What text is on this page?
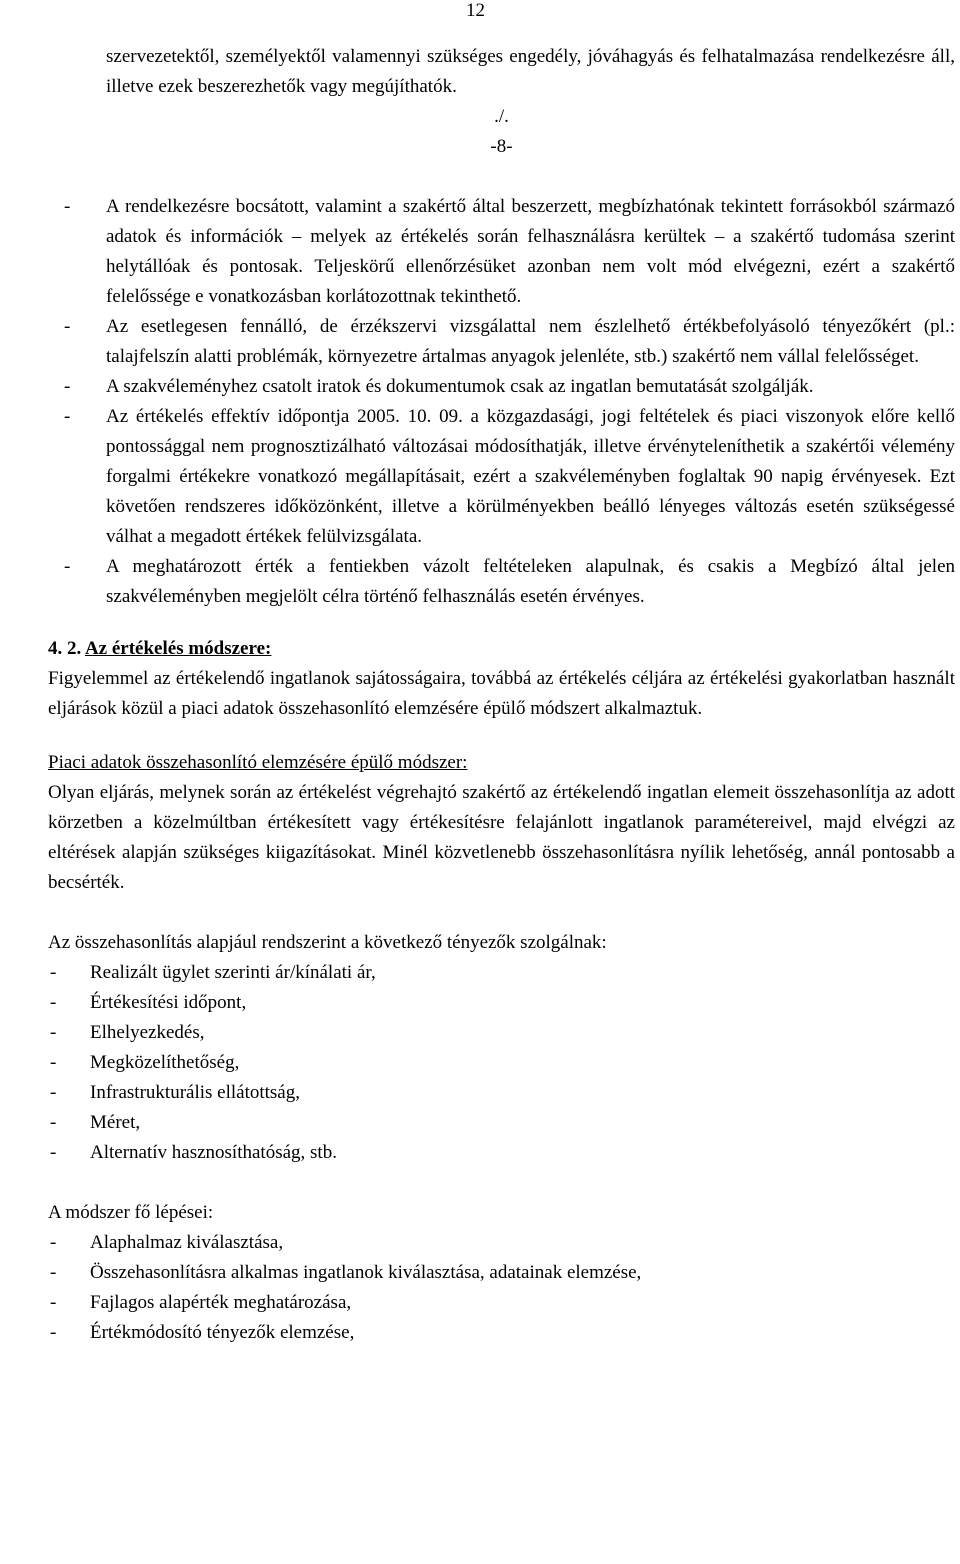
12

szervezetektől, személyektől valamennyi szükséges engedély, jóváhagyás és felhatalmazása rendelkezésre áll, illetve ezek beszerezhetők vagy megújíthatók.

./.

-8-

- A rendelkezésre bocsátott, valamint a szakértő által beszerzett, megbízhatónak tekintett forrásokból származó adatok és információk – melyek az értékelés során felhasználásra kerültek – a szakértő tudomása szerint helytállóak és pontosak. Teljeskörű ellenőrzésüket azonban nem volt mód elvégezni, ezért a szakértő felelőssége e vonatkozásban korlátozottnak tekinthető.
- Az esetlegesen fennálló, de érzékszervi vizsgálattal nem észlelhető értékbefolyásoló tényezőkért (pl.: talajfelszín alatti problémák, környezetre ártalmas anyagok jelenléte, stb.) szakértő nem vállal felelősséget.
- A szakvéleményhez csatolt iratok és dokumentumok csak az ingatlan bemutatását szolgálják.
- Az értékelés effektív időpontja 2005. 10. 09. a közgazdasági, jogi feltételek és piaci viszonyok előre kellő pontossággal nem prognosztizálható változásai módosíthatják, illetve érvényteleníthetik a szakértői vélemény forgalmi értékekre vonatkozó megállapításait, ezért a szakvéleményben foglaltak 90 napig érvényesek. Ezt követően rendszeres időközönként, illetve a körülményekben beálló lényeges változás esetén szükségessé válhat a megadott értékek felülvizsgálata.
- A meghatározott érték a fentiekben vázolt feltételeken alapulnak, és csakis a Megbízó által jelen szakvéleményben megjelölt célra történő felhasználás esetén érvényes.

4. 2. Az értékelés módszere:

Figyelemmel az értékelendő ingatlanok sajátosságaira, továbbá az értékelés céljára az értékelési gyakorlatban használt eljárások közül a piaci adatok összehasonlító elemzésére épülő módszert alkalmaztuk.

Piaci adatok összehasonlító elemzésére épülő módszer:

Olyan eljárás, melynek során az értékelést végrehajtó szakértő az értékelendő ingatlan elemeit összehasonlítja az adott körzetben a közelmúltban értékesített vagy értékesítésre felajánlott ingatlanok paramétereivel, majd elvégzi az eltérések alapján szükséges kiigazításokat. Minél közvetlenebb összehasonlításra nyílik lehetőség, annál pontosabb a becsérték.

Az összehasonlítás alapjául rendszerint a következő tényezők szolgálnak:

- Realizált ügylet szerinti ár/kínálati ár,
- Értékesítési időpont,
- Elhelyezkedés,
- Megközelíthetőség,
- Infrastrukturális ellátottság,
- Méret,
- Alternatív hasznosíthatóság, stb.

A módszer fő lépései:

- Alaphalmaz kiválasztása,
- Összehasonlításra alkalmas ingatlanok kiválasztása, adatainak elemzése,
- Fajlagos alapérték meghatározása,
- Értékmódosító tényezők elemzése,
